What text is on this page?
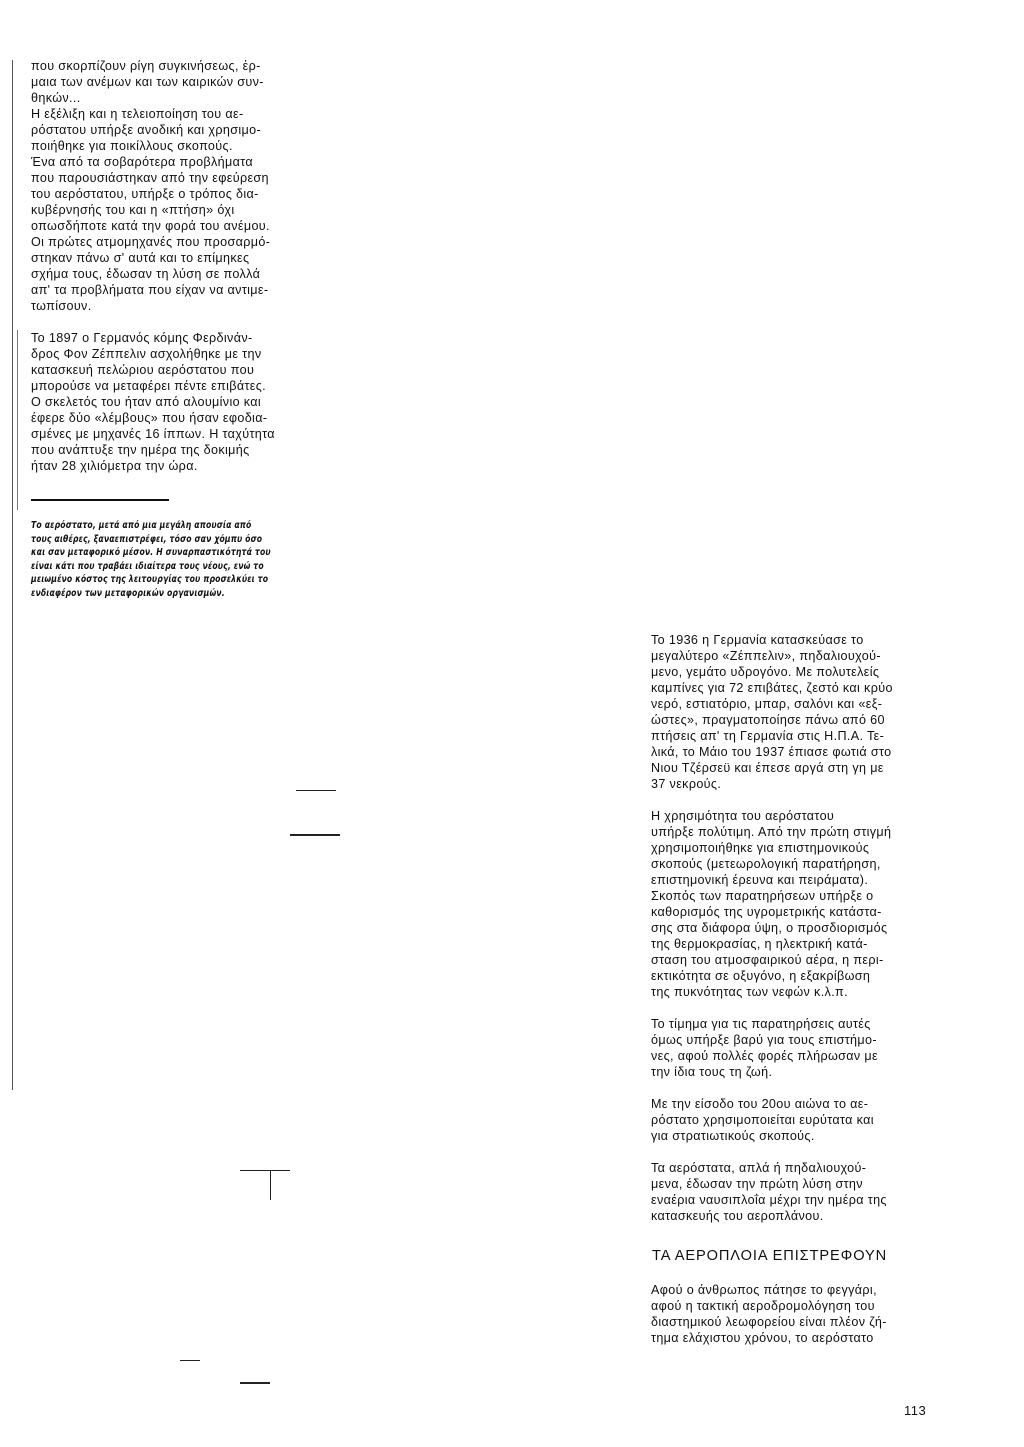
που σκορπίζουν ρίγη συγκινήσεως, ἐρ-
μαια των ανέμων και των καιρικών συν-
θηκών...
Η εξέλιξη και η τελειοποίηση του αε-
ρόστατου υπήρξε ανοδική και χρησιμο-
ποιήθηκε για ποικίλλους σκοπούς.
Ένα από τα σοβαρότερα προβλήματα
που παρουσιάστηκαν από την εφεύρεση
του αερόστατου, υπήρξε ο τρόπος δια-
κυβέρνησής του και η «πτήση» όχι
οπωσδήποτε κατά την φορά του ανέμου.
Οι πρώτες ατμομηχανές που προσαρμό-
στηκαν πάνω σ' αυτά και το επίμηκες
σχήμα τους, έδωσαν τη λύση σε πολλά
απ' τα προβλήματα που είχαν να αντιμε-
τωπίσουν.

Το 1897 ο Γερμανός κόμης Φερδινάν-
δρος Φον Ζέππελιν ασχολήθηκε με την
κατασκευή πελώριου αερόστατου που
μπορούσε να μεταφέρει πέντε επιβάτες.
Ο σκελετός του ήταν από αλουμίνιο και
έφερε δύο «λέμβους» που ήσαν εφοδια-
σμένες με μηχανές 16 ίππων. Η ταχύτητα
που ανάπτυξε την ημέρα της δοκιμής
ήταν 28 χιλιόμετρα την ώρα.

Το αερόστατο, μετά από μια μεγάλη απουσία από
τους αιθέρες, ξαναεπιστρέφει, τόσο σαν χόμπυ όσο
και σαν μεταφορικό μέσον. Η συναρπαστικότητά του
είναι κάτι που τραβάει ιδιαίτερα τους νέους, ενώ το
μειωμένο κόστος της λειτουργίας του προσελκύει το
ενδιαφέρον των μεταφορικών οργανισμών.

Το 1936 η Γερμανία κατασκεύασε το
μεγαλύτερο «Ζέππελιν», πηδαλιουχού-
μενο, γεμάτο υδρογόνο. Με πολυτελείς
καμπίνες για 72 επιβάτες, ζεστό και κρύο
νερό, εστιατόριο, μπαρ, σαλόνι και «εξ-
ώστες», πραγματοποίησε πάνω από 60
πτήσεις απ' τη Γερμανία στις Η.Π.Α. Τε-
λικά, το Μάιο του 1937 έπιασε φωτιά στο
Νιου Τζέρσεϋ και έπεσε αργά στη γη με
37 νεκρούς.

Η χρησιμότητα του αερόστατου
υπήρξε πολύτιμη. Από την πρώτη στιγμή
χρησιμοποιήθηκε για επιστημονικούς
σκοπούς (μετεωρολογική παρατήρηση,
επιστημονική έρευνα και πειράματα).
Σκοπός των παρατηρήσεων υπήρξε ο
καθορισμός της υγρομετρικής κατάστα-
σης στα διάφορα ύψη, ο προσδιορισμός
της θερμοκρασίας, η ηλεκτρική κατά-
σταση του ατμοσφαιρικού αέρα, η περι-
εκτικότητα σε οξυγόνο, η εξακρίβωση
της πυκνότητας των νεφών κ.λ.π.

Το τίμημα για τις παρατηρήσεις αυτές
όμως υπήρξε βαρύ για τους επιστήμο-
νες, αφού πολλές φορές πλήρωσαν με
την ίδια τους τη ζωή.

Με την είσοδο του 20ου αιώνα το αε-
ρόστατο χρησιμοποιείται ευρύτατα και
για στρατιωτικούς σκοπούς.

Τα αερόστατα, απλά ή πηδαλιουχού-
μενα, έδωσαν την πρώτη λύση στην
εναέρια ναυσιπλοΐα μέχρι την ημέρα της
κατασκευής του αεροπλάνου.

ΤΑ ΑΕΡΟΠΛΟΙΑ ΕΠΙΣΤΡΕΦΟΥΝ

Αφού ο άνθρωπος πάτησε το φεγγάρι,
αφού η τακτική αεροδρομολόγηση του
διαστημικού λεωφορείου είναι πλέον ζή-
τημα ελάχιστου χρόνου, το αερόστατο

113
